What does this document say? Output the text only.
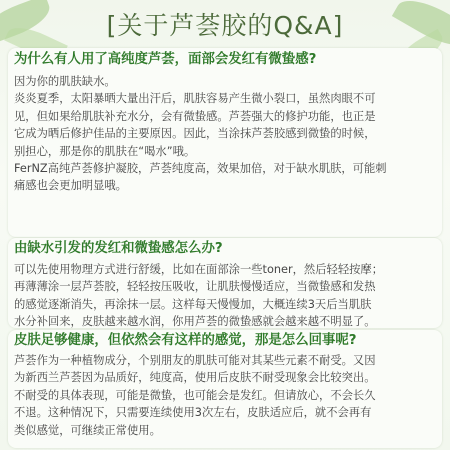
[关于芦荟胶的Q&A]
为什么有人用了高纯度芦荟，面部会发红有微蛰感?

因为你的肌肤缺水。

炎炎夏季，太阳暴晒大量出汗后，肌肤容易产生微小裂口，虽然肉眼不可

见，但如果给肌肤补充水分，会有微蛰感。芦荟强大的修护功能，也正是

它成为晒后修护佳品的主要原因。因此，当涂抹芦荟胶感到微蛰的时候，

别担心，那是你的肌肤在“喝水”哦。

FerNZ高纯芦荟修护凝胶，芦荟纯度高，效果加倍，对于缺水肌肤，可能刺

痛感也会更加明显哦。

由缺水引发的发红和微蛰感怎么办?

可以先使用物理方式进行舒缓，比如在面部涂一些toner，然后轻轻按摩；

再薄薄涂一层芦荟胶，轻轻按压吸收，让肌肤慢慢适应，当微蛰感和发热

的感觉逐渐消失，再涂抹一层。这样每天慢慢加，大概连续3天后当肌肤

水分补回来，皮肤越来越水润，你用芦荟的微蛰感就会越来越不明显了。

皮肤足够健康，但依然会有这样的感觉，那是怎么回事呢?

芦荟作为一种植物成分，个别朋友的肌肤可能对其某些元素不耐受。又因

为新西兰芦荟因为品质好，纯度高，使用后皮肤不耐受现象会比较突出。

不耐受的具体表现，可能是微蛰，也可能会是发红。但请放心，不会长久

不退。这种情况下，只需要连续使用3次左右，皮肤适应后，就不会再有

类似感觉，可继续正常使用。
